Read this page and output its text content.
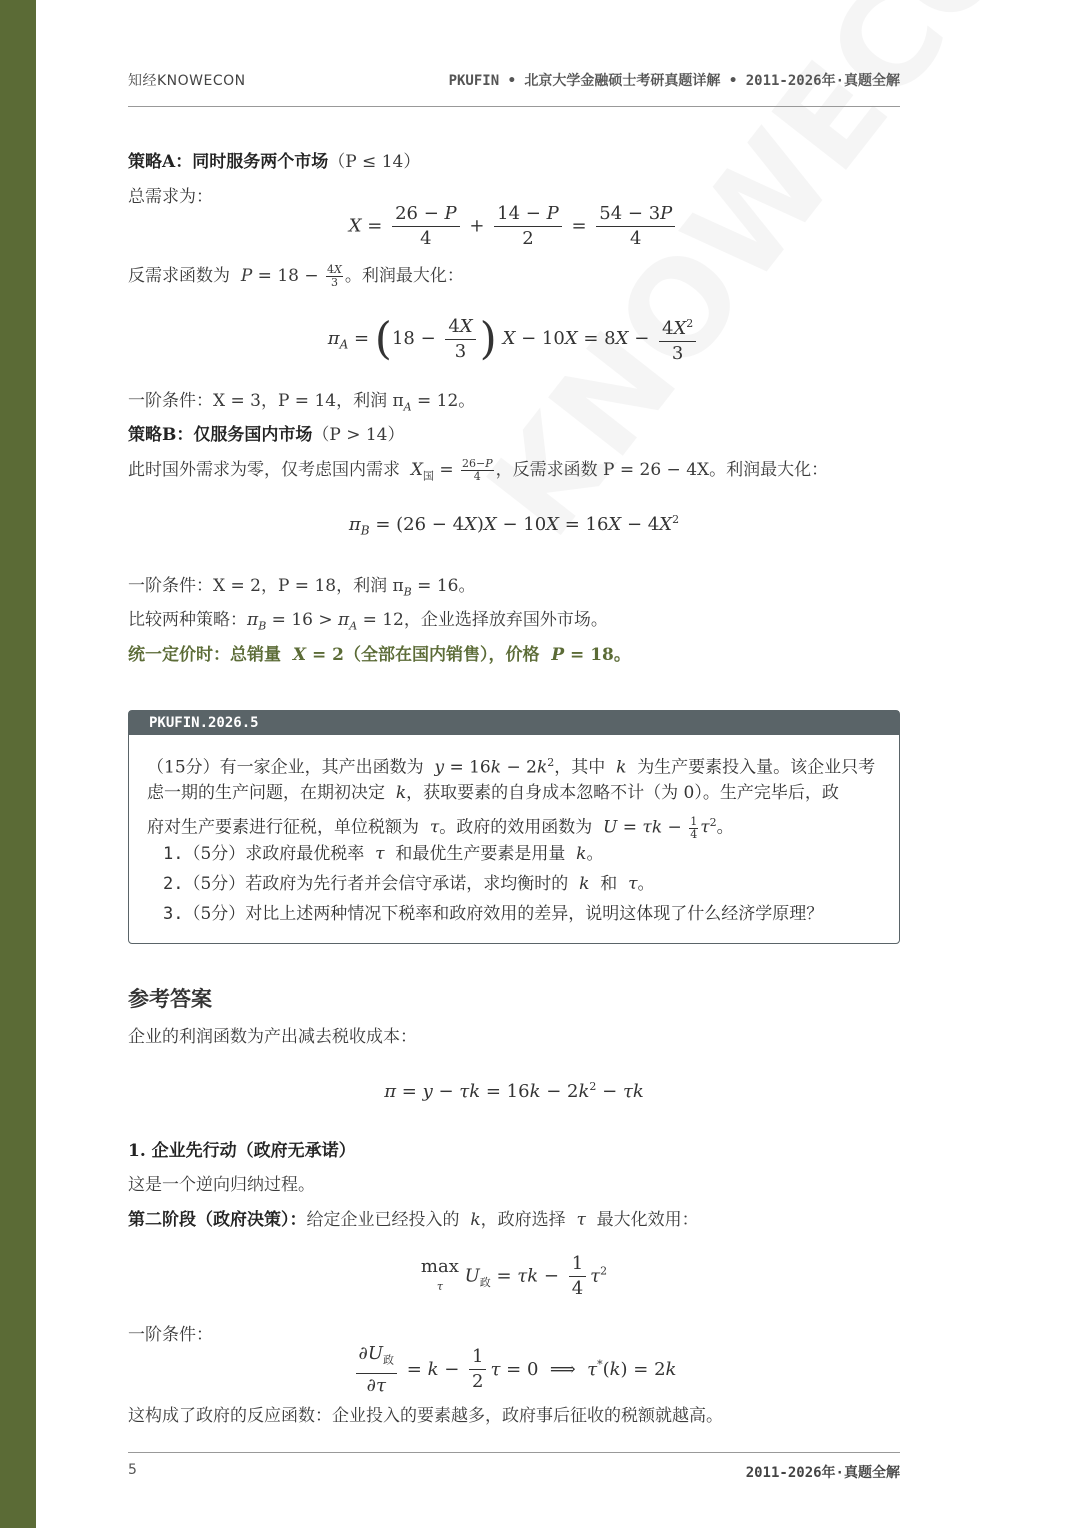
知经KNOWECON	PKUFIN • 北京大学金融硕士考研真题详解 • 2011-2026年·真题全解
策略A：同时服务两个市场（P ≤ 14）
总需求为：
$X = \frac{26 - P}{4} + \frac{14 - P}{2} = \frac{54 - 3P}{4}$
反需求函数为 $P = 18 - \frac{4X}{3}$ 。利润最大化：
$\pi_A = (18 - \frac{4X}{3}$ ) $X - 10X = 8X - \frac{4X^2}{3}$
一阶条件：X = 3，P = 14，利润 $\pi_A = 12$。
策略B：仅服务国内市场（P > 14）
此时国外需求为零，仅考虑国内需求 $X_国 = \frac{26-P}{4}$ ，反需求函数 P = 26 − 4X。利润最大化：
$\pi_B = (26 - 4X)X - 10X = 16X - 4X^2$
一阶条件：X = 2，P = 18，利润 $\pi_B = 16$。
比较两种策略：$\pi_B = 16 > \pi_A = 12$，企业选择放弃国外市场。
统一定价时：总销量 X = 2（全部在国内销售），价格 P = 18。
PKUFIN.2026.5
（15分）有一家企业，其产出函数为 $y = 16k - 2k^2$，其中 k 为生产要素投入量。该企业只考
虑一期的生产问题，在期初决定 k，获取要素的自身成本忽略不计（为 0）。生产完毕后，政
府对生产要素进行征税，单位税额为 τ。政府的效用函数为 $U = \tau k - \frac{1}{4} \tau^2$。
1.（5分）求政府最优税率 τ 和最优生产要素是用量 k。
2.（5分）若政府为先行者并会信守承诺，求均衡时的 k 和 τ。
3.（5分）对比上述两种情况下税率和政府效用的差异，说明这体现了什么经济学原理？
参考答案
企业的利润函数为产出减去税收成本：
$\pi = y - \tau k = 16k - 2k^2 - \tau k$
1. 企业先行动（政府无承诺）
这是一个逆向归纳过程。
第二阶段（政府决策）：给定企业已经投入的 k，政府选择 τ 最大化效用：
max
τ $U_政 = \tau k - \frac{1}{4} \tau^2$
一阶条件：
$\frac{\partial U_政}{\partial\tau} = k - \frac{1}{2}$ τ = 0  ⟹  τ*(k) = 2k
这构成了政府的反应函数：企业投入的要素越多，政府事后征收的税额就越高。
5	2011-2026年·真题全解
